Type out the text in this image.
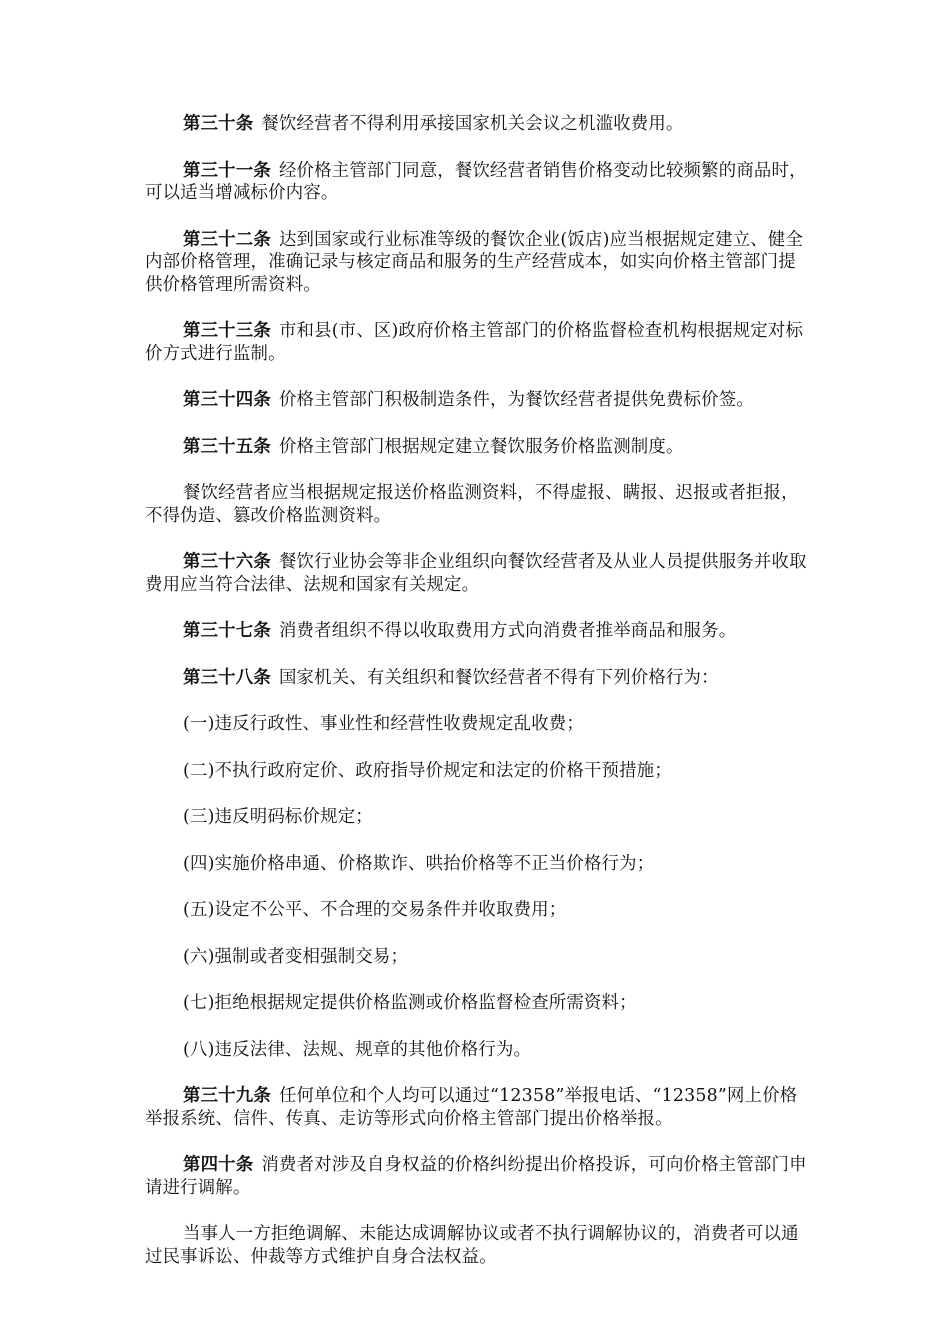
第三十条 餐饮经营者不得利用承接国家机关会议之机滥收费用。

第三十一条 经价格主管部门同意，餐饮经营者销售价格变动比较频繁的商品时，可以适当增减标价内容。

第三十二条 达到国家或行业标准等级的餐饮企业(饭店)应当根据规定建立、健全内部价格管理，准确记录与核定商品和服务的生产经营成本，如实向价格主管部门提供价格管理所需资料。

第三十三条 市和县(市、区)政府价格主管部门的价格监督检查机构根据规定对标价方式进行监制。

第三十四条 价格主管部门积极制造条件，为餐饮经营者提供免费标价签。

第三十五条 价格主管部门根据规定建立餐饮服务价格监测制度。

餐饮经营者应当根据规定报送价格监测资料，不得虚报、瞒报、迟报或者拒报，不得伪造、篡改价格监测资料。

第三十六条 餐饮行业协会等非企业组织向餐饮经营者及从业人员提供服务并收取费用应当符合法律、法规和国家有关规定。

第三十七条 消费者组织不得以收取费用方式向消费者推举商品和服务。

第三十八条 国家机关、有关组织和餐饮经营者不得有下列价格行为：

(一)违反行政性、事业性和经营性收费规定乱收费；

(二)不执行政府定价、政府指导价规定和法定的价格干预措施；

(三)违反明码标价规定；

(四)实施价格串通、价格欺诈、哄抬价格等不正当价格行为；

(五)设定不公平、不合理的交易条件并收取费用；

(六)强制或者变相强制交易；

(七)拒绝根据规定提供价格监测或价格监督检查所需资料；

(八)违反法律、法规、规章的其他价格行为。

第三十九条 任何单位和个人均可以通过“12358”举报电话、“12358”网上价格举报系统、信件、传真、走访等形式向价格主管部门提出价格举报。

第四十条 消费者对涉及自身权益的价格纠纷提出价格投诉，可向价格主管部门申请进行调解。

当事人一方拒绝调解、未能达成调解协议或者不执行调解协议的，消费者可以通过民事诉讼、仲裁等方式维护自身合法权益。
